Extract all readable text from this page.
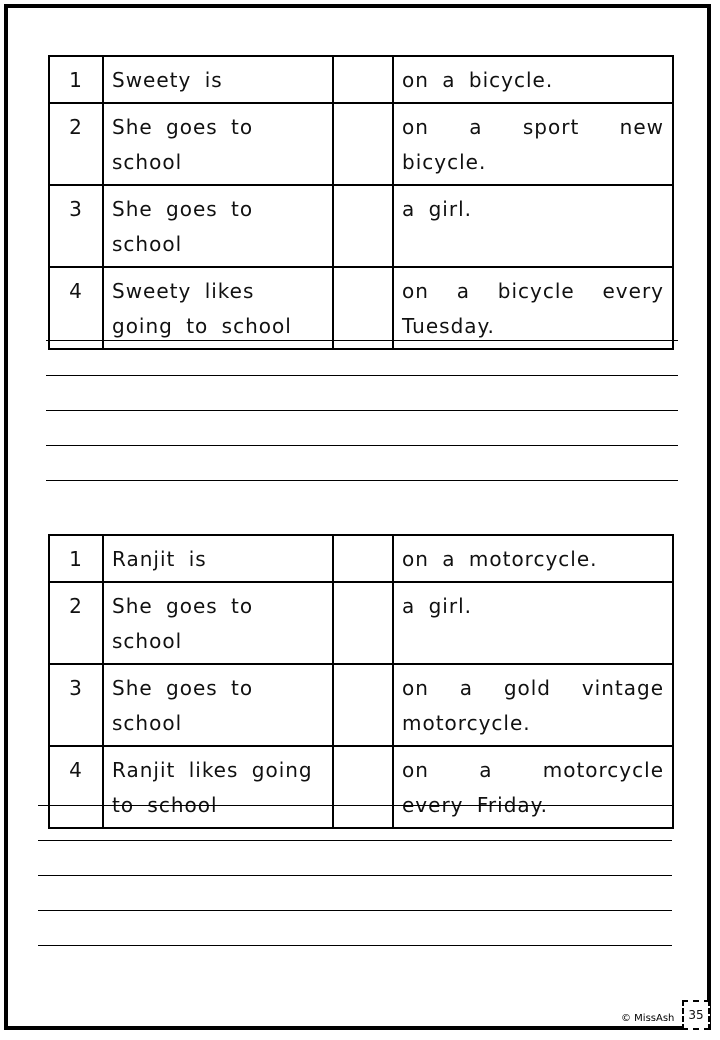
1	Sweety is		on a bicycle.
2	She goes to school		on a sport new bicycle.
3	She goes to school		a girl.
4	Sweety likes going to school		on a bicycle every Tuesday.
1	Ranjit is		on a motorcycle.
2	She goes to school		a girl.
3	She goes to school		on a gold vintage motorcycle.
4	Ranjit likes going to school		on a motorcycle every Friday.
© MissAsh	35
